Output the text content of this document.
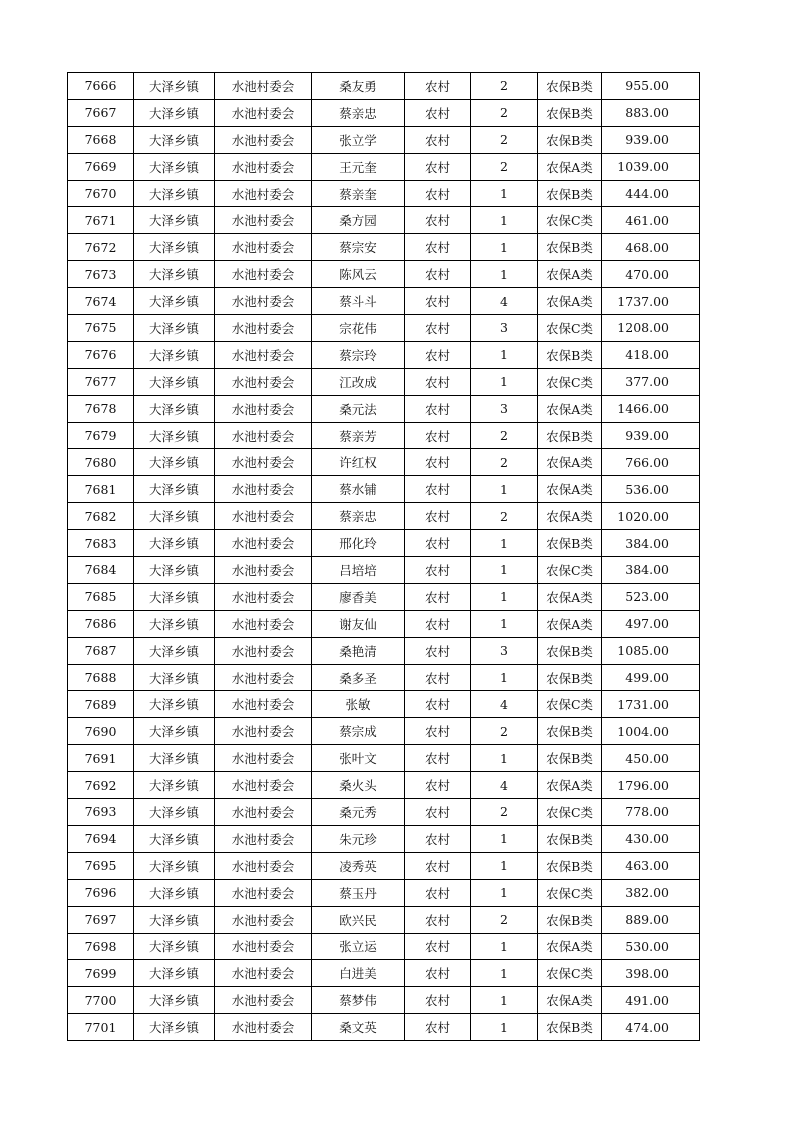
7666	大泽乡镇	水池村委会	桑友勇	农村	2	农保B类	955.00
7667	大泽乡镇	水池村委会	蔡亲忠	农村	2	农保B类	883.00
7668	大泽乡镇	水池村委会	张立学	农村	2	农保B类	939.00
7669	大泽乡镇	水池村委会	王元奎	农村	2	农保A类	1039.00
7670	大泽乡镇	水池村委会	蔡亲奎	农村	1	农保B类	444.00
7671	大泽乡镇	水池村委会	桑方园	农村	1	农保C类	461.00
7672	大泽乡镇	水池村委会	蔡宗安	农村	1	农保B类	468.00
7673	大泽乡镇	水池村委会	陈风云	农村	1	农保A类	470.00
7674	大泽乡镇	水池村委会	蔡斗斗	农村	4	农保A类	1737.00
7675	大泽乡镇	水池村委会	宗花伟	农村	3	农保C类	1208.00
7676	大泽乡镇	水池村委会	蔡宗玲	农村	1	农保B类	418.00
7677	大泽乡镇	水池村委会	江改成	农村	1	农保C类	377.00
7678	大泽乡镇	水池村委会	桑元法	农村	3	农保A类	1466.00
7679	大泽乡镇	水池村委会	蔡亲芳	农村	2	农保B类	939.00
7680	大泽乡镇	水池村委会	许红权	农村	2	农保A类	766.00
7681	大泽乡镇	水池村委会	蔡水铺	农村	1	农保A类	536.00
7682	大泽乡镇	水池村委会	蔡亲忠	农村	2	农保A类	1020.00
7683	大泽乡镇	水池村委会	邢化玲	农村	1	农保B类	384.00
7684	大泽乡镇	水池村委会	吕培培	农村	1	农保C类	384.00
7685	大泽乡镇	水池村委会	廖香美	农村	1	农保A类	523.00
7686	大泽乡镇	水池村委会	谢友仙	农村	1	农保A类	497.00
7687	大泽乡镇	水池村委会	桑艳清	农村	3	农保B类	1085.00
7688	大泽乡镇	水池村委会	桑多圣	农村	1	农保B类	499.00
7689	大泽乡镇	水池村委会	张敏	农村	4	农保C类	1731.00
7690	大泽乡镇	水池村委会	蔡宗成	农村	2	农保B类	1004.00
7691	大泽乡镇	水池村委会	张叶文	农村	1	农保B类	450.00
7692	大泽乡镇	水池村委会	桑火头	农村	4	农保A类	1796.00
7693	大泽乡镇	水池村委会	桑元秀	农村	2	农保C类	778.00
7694	大泽乡镇	水池村委会	朱元珍	农村	1	农保B类	430.00
7695	大泽乡镇	水池村委会	凌秀英	农村	1	农保B类	463.00
7696	大泽乡镇	水池村委会	蔡玉丹	农村	1	农保C类	382.00
7697	大泽乡镇	水池村委会	欧兴民	农村	2	农保B类	889.00
7698	大泽乡镇	水池村委会	张立运	农村	1	农保A类	530.00
7699	大泽乡镇	水池村委会	白进美	农村	1	农保C类	398.00
7700	大泽乡镇	水池村委会	蔡梦伟	农村	1	农保A类	491.00
7701	大泽乡镇	水池村委会	桑文英	农村	1	农保B类	474.00
